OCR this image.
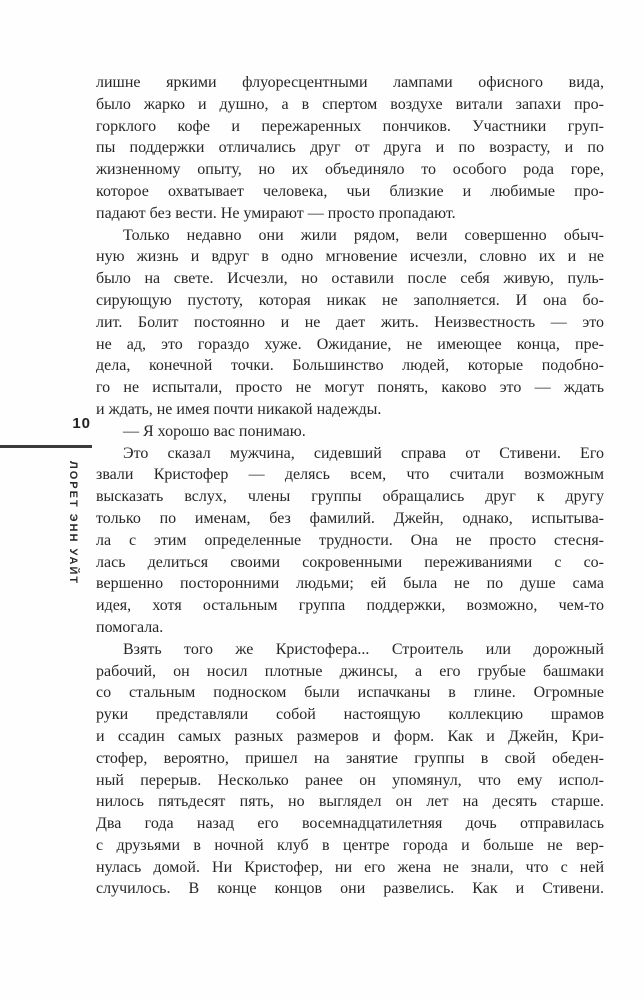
10
ЛОРЕТ ЭНН УАЙТ
лишне яркими флуоресцентными лампами офисного вида,
было жарко и душно, а в спертом воздухе витали запахи про-
горклого кофе и пережаренных пончиков. Участники груп-
пы поддержки отличались друг от друга и по возрасту, и по
жизненному опыту, но их объединяло то особого рода горе,
которое охватывает человека, чьи близкие и любимые про-
падают без вести. Не умирают — просто пропадают.
Только недавно они жили рядом, вели совершенно обыч-
ную жизнь и вдруг в одно мгновение исчезли, словно их и не
было на свете. Исчезли, но оставили после себя живую, пуль-
сирующую пустоту, которая никак не заполняется. И она бо-
лит. Болит постоянно и не дает жить. Неизвестность — это
не ад, это гораздо хуже. Ожидание, не имеющее конца, пре-
дела, конечной точки. Большинство людей, которые подобно-
го не испытали, просто не могут понять, каково это — ждать
и ждать, не имея почти никакой надежды.
— Я хорошо вас понимаю.
Это сказал мужчина, сидевший справа от Стивени. Его
звали Кристофер — делясь всем, что считали возможным
высказать вслух, члены группы обращались друг к другу
только по именам, без фамилий. Джейн, однако, испытыва-
ла с этим определенные трудности. Она не просто стесня-
лась делиться своими сокровенными переживаниями с со-
вершенно посторонними людьми; ей была не по душе сама
идея, хотя остальным группа поддержки, возможно, чем-то
помогала.
Взять того же Кристофера... Строитель или дорожный
рабочий, он носил плотные джинсы, а его грубые башмаки
со стальным подноском были испачканы в глине. Огромные
руки представляли собой настоящую коллекцию шрамов
и ссадин самых разных размеров и форм. Как и Джейн, Кри-
стофер, вероятно, пришел на занятие группы в свой обеден-
ный перерыв. Несколько ранее он упомянул, что ему испол-
нилось пятьдесят пять, но выглядел он лет на десять старше.
Два года назад его восемнадцатилетняя дочь отправилась
с друзьями в ночной клуб в центре города и больше не вер-
нулась домой. Ни Кристофер, ни его жена не знали, что с ней
случилось. В конце концов они развелись. Как и Стивени.
